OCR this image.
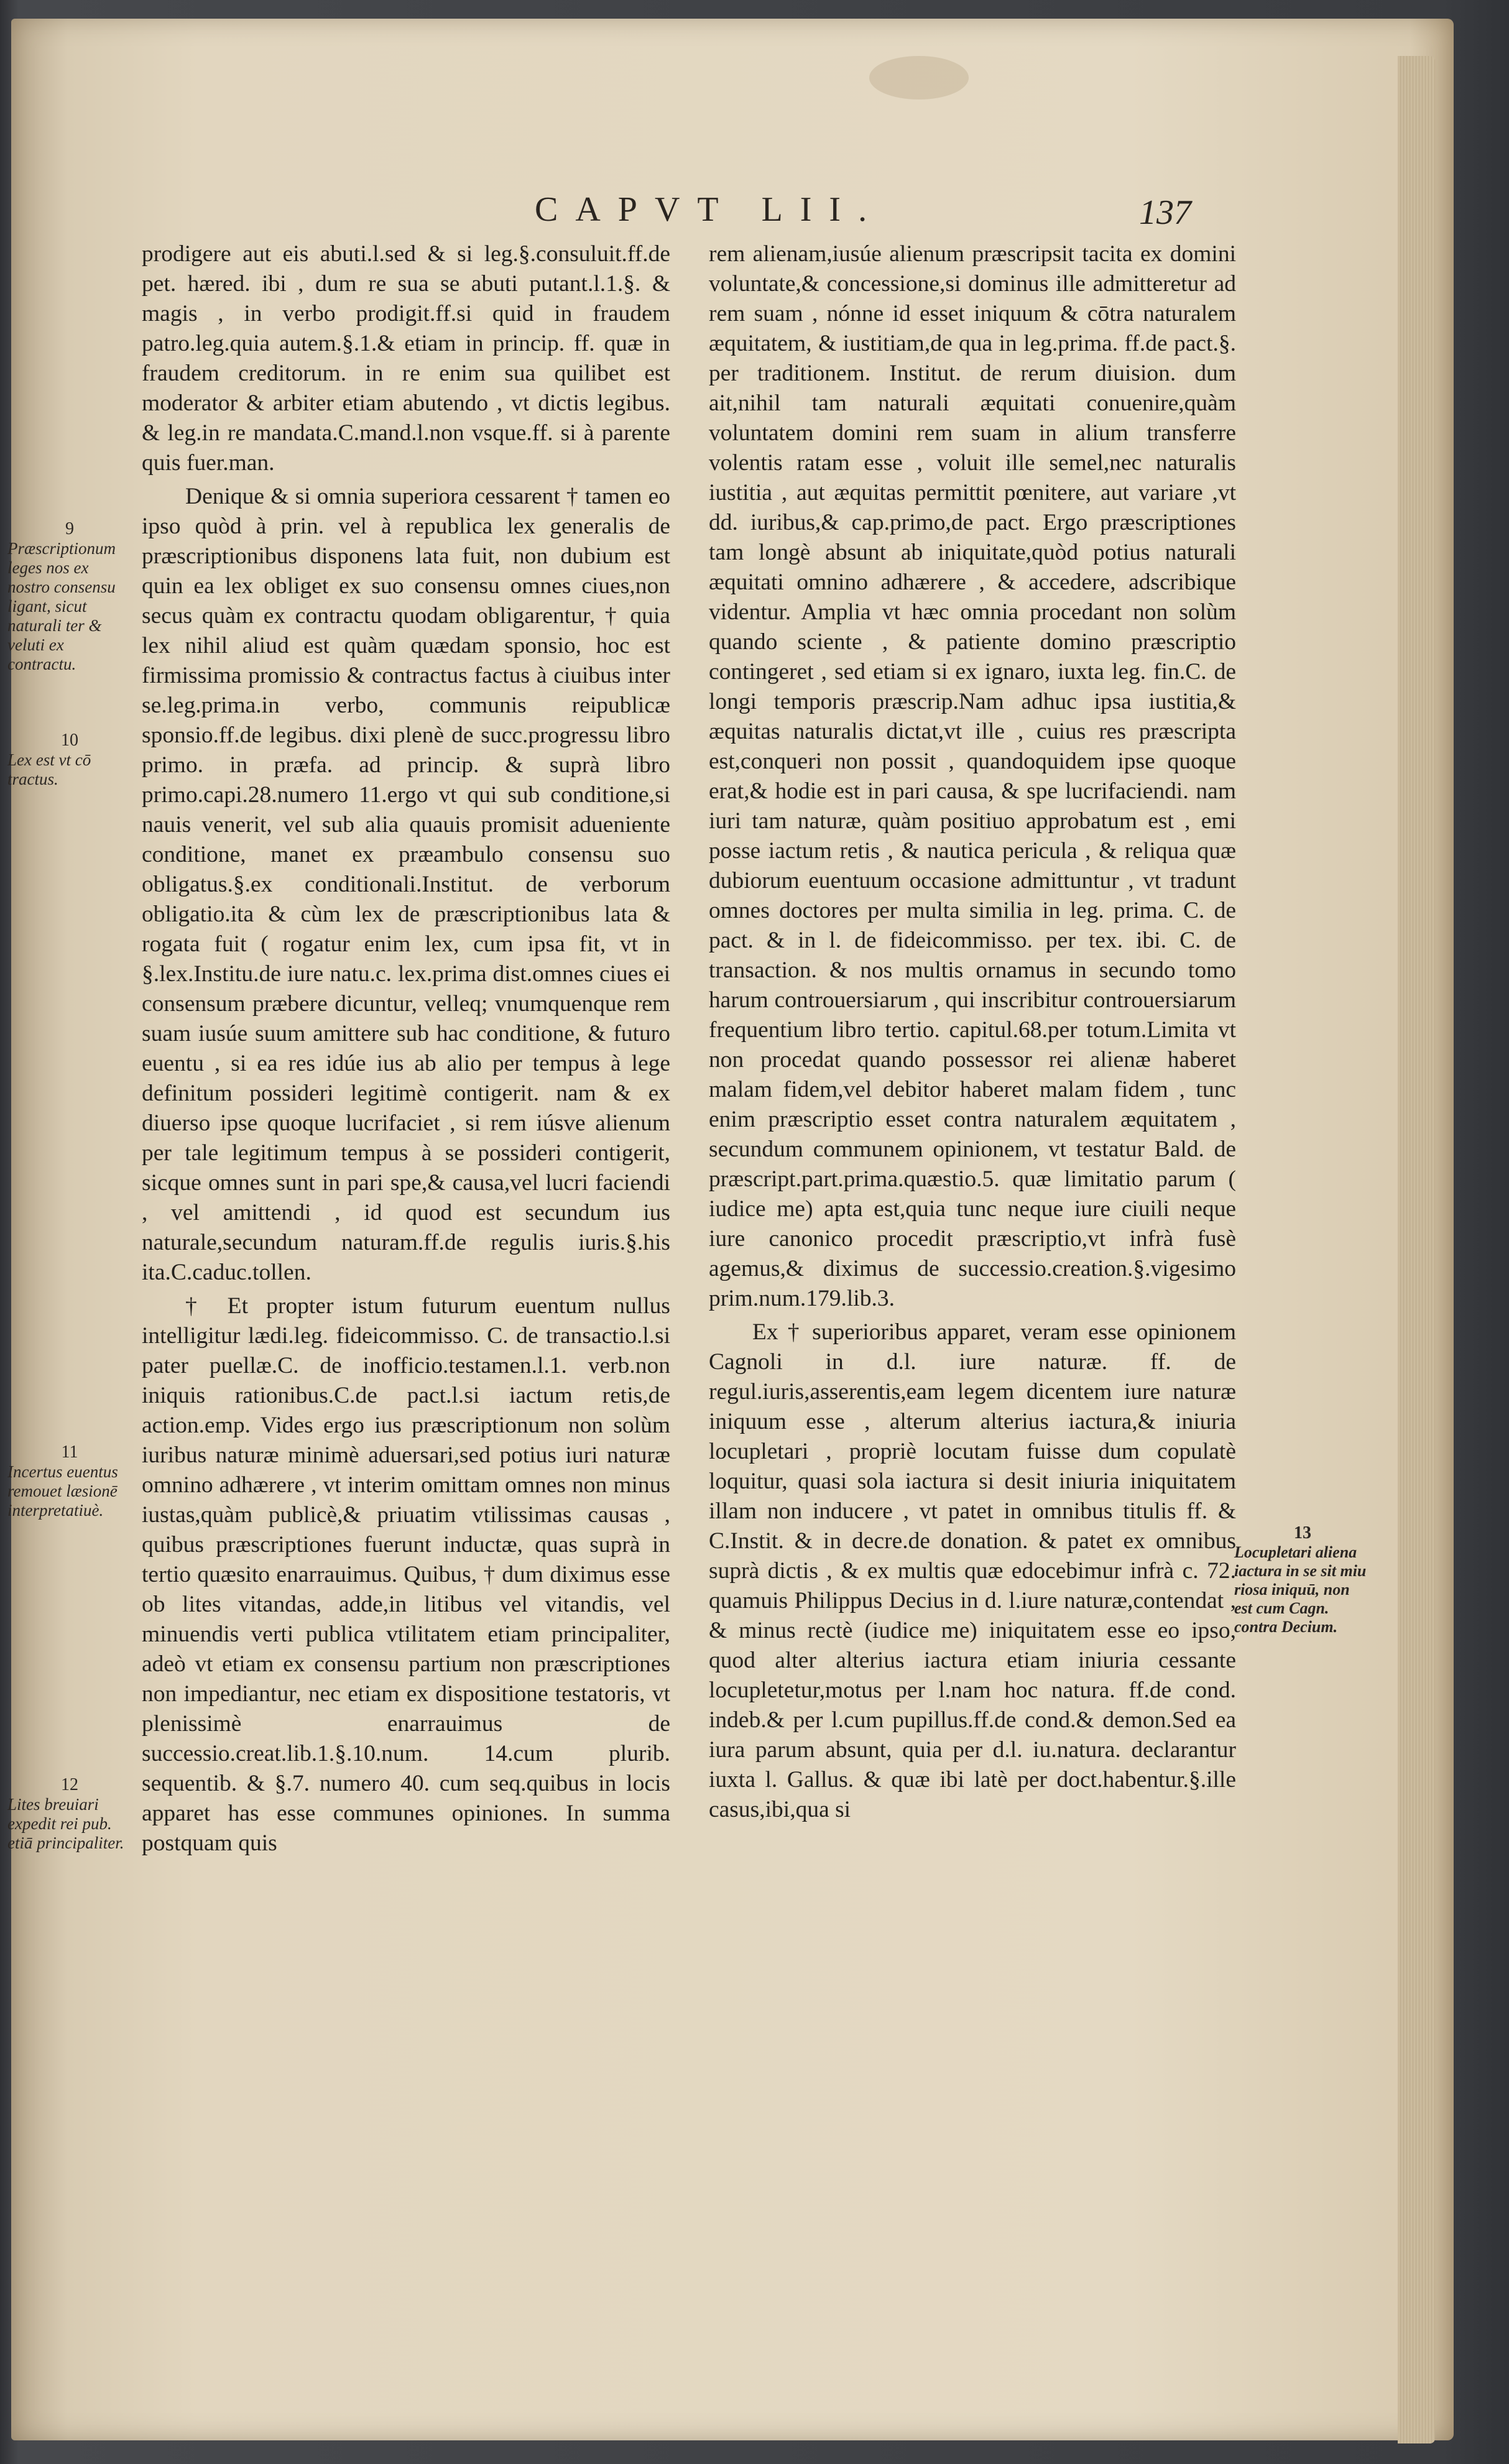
CAPVT LII.	137

prodigere aut eis abuti.l.sed & si leg.§.consuluit.ff.de pet. hæred. ibi , dum re sua se abuti putant.l.1.§. & magis , in verbo prodigit.ff.si quid in fraudem patro.leg.quia autem.§.1.& etiam in princip. ff. quæ in fraudem creditorum. in re enim sua quilibet est moderator & arbiter etiam abutendo , vt dictis legibus. & leg.in re mandata.C.mand.l.non vsque.ff. si à parente quis fuer.man.

Denique & si omnia superiora cessarent † tamen eo ipso quòd à prin. vel à republica lex generalis de præscriptionibus disponens lata fuit, non dubium est quin ea lex obliget ex suo consensu omnes ciues,non secus quàm ex contractu quodam obligarentur, † quia lex nihil aliud est quàm quædam sponsio, hoc est firmissima promissio & contractus factus à ciuibus inter se.leg.prima.in verbo, communis reipublicæ sponsio.ff.de legibus. dixi plenè de succ.progressu libro primo. in præfa. ad princip. & suprà libro primo.capi.28.numero 11.ergo vt qui sub conditione,si nauis venerit, vel sub alia quauis promisit adueniente conditione, manet ex præambulo consensu suo obligatus.§.ex conditionali.Institut. de verborum obligatio.ita & cùm lex de præscriptionibus lata & rogata fuit ( rogatur enim lex, cum ipsa fit, vt in §.lex.Institu.de iure natu.c. lex.prima dist.omnes ciues ei consensum præbere dicuntur, velleq; vnumquenque rem suam iusúe suum amittere sub hac conditione, & futuro euentu , si ea res idúe ius ab alio per tempus à lege definitum possideri legitimè contigerit. nam & ex diuerso ipse quoque lucrifaciet , si rem iúsve alienum per tale legitimum tempus à se possideri contigerit, sicque omnes sunt in pari spe,& causa,vel lucri faciendi , vel amittendi , id quod est secundum ius naturale,secundum naturam.ff.de regulis iuris.§.his ita.C.caduc.tollen.

† Et propter istum futurum euentum nullus intelligitur lædi.leg. fideicommisso. C. de transactio.l.si pater puellæ.C. de inofficio.testamen.l.1. verb.non iniquis rationibus.C.de pact.l.si iactum retis,de action.emp. Vides ergo ius præscriptionum non solùm iuribus naturæ minimè aduersari,sed potius iuri naturæ omnino adhærere , vt interim omittam omnes non minus iustas,quàm publicè,& priuatim vtilissimas causas , quibus præscriptiones fuerunt inductæ, quas suprà in tertio quæsito enarrauimus. Quibus, † dum diximus esse ob lites vitandas, adde,in litibus vel vitandis, vel minuendis verti publica vtilitatem etiam principaliter, adeò vt etiam ex consensu partium non præscriptiones non impediantur, nec etiam ex dispositione testatoris, vt plenissimè enarrauimus de successio.creat.lib.1.§.10.num. 14.cum plurib. sequentib. & §.7. numero 40. cum seq.quibus in locis apparet has esse communes opiniones. In summa postquam quis

rem alienam,iusúe alienum præscripsit tacita ex domini voluntate,& concessione,si dominus ille admitteretur ad rem suam , nónne id esset iniquum & cōtra naturalem æquitatem, & iustitiam,de qua in leg.prima. ff.de pact.§. per traditionem. Institut. de rerum diuision. dum ait,nihil tam naturali æquitati conuenire,quàm voluntatem domini rem suam in alium transferre volentis ratam esse , voluit ille semel,nec naturalis iustitia , aut æquitas permittit pœnitere, aut variare ,vt dd. iuribus,& cap.primo,de pact. Ergo præscriptiones tam longè absunt ab iniquitate,quòd potius naturali æquitati omnino adhærere , & accedere, adscribique videntur. Amplia vt hæc omnia procedant non solùm quando sciente , & patiente domino præscriptio contingeret , sed etiam si ex ignaro, iuxta leg. fin.C. de longi temporis præscrip.Nam adhuc ipsa iustitia,& æquitas naturalis dictat,vt ille , cuius res præscripta est,conqueri non possit , quandoquidem ipse quoque erat,& hodie est in pari causa, & spe lucrifaciendi. nam iuri tam naturæ, quàm positiuo approbatum est , emi posse iactum retis , & nautica pericula , & reliqua quæ dubiorum euentuum occasione admittuntur , vt tradunt omnes doctores per multa similia in leg. prima. C. de pact. & in l. de fideicommisso. per tex. ibi. C. de transaction. & nos multis ornamus in secundo tomo harum controuersiarum , qui inscribitur controuersiarum frequentium libro tertio. capitul.68.per totum.Limita vt non procedat quando possessor rei alienæ haberet malam fidem,vel debitor haberet malam fidem , tunc enim præscriptio esset contra naturalem æquitatem , secundum communem opinionem, vt testatur Bald. de præscript.part.prima.quæstio.5. quæ limitatio parum ( iudice me) apta est,quia tunc neque iure ciuili neque iure canonico procedit præscriptio,vt infrà fusè agemus,& diximus de successio.creation.§.vigesimo prim.num.179.lib.3.

Ex † superioribus apparet, veram esse opinionem Cagnoli in d.l. iure naturæ. ff. de regul.iuris,asserentis,eam legem dicentem iure naturæ iniquum esse , alterum alterius iactura,& iniuria locupletari , propriè locutam fuisse dum copulatè loquitur, quasi sola iactura si desit iniuria iniquitatem illam non inducere , vt patet in omnibus titulis ff. & C.Instit. & in decre.de donation. & patet ex omnibus suprà dictis , & ex multis quæ edocebimur infrà c. 72. quamuis Philippus Decius in d. l.iure naturæ,contendat , & minus rectè (iudice me) iniquitatem esse eo ipso, quod alter alterius iactura etiam iniuria cessante locupletetur,motus per l.nam hoc natura. ff.de cond. indeb.& per l.cum pupillus.ff.de cond.& demon.Sed ea iura parum absunt, quia per d.l. iu.natura. declarantur iuxta l. Gallus. & quæ ibi latè per doct.habentur.§.ille casus,ibi,qua si

9
Præscriptionum leges nos ex nostro consensu ligant, sicut naturali ter & veluti ex contractu.
10
Lex est vt cō tractus.
11
Incertus euentus remouet læsionē interpretatiuè.
12
Lites breuiari expedit rei pub. etiā principaliter.
13
Locupletari aliena iactura in se sit miu riosa iniquū, non est cum Cagn. contra Decium.
